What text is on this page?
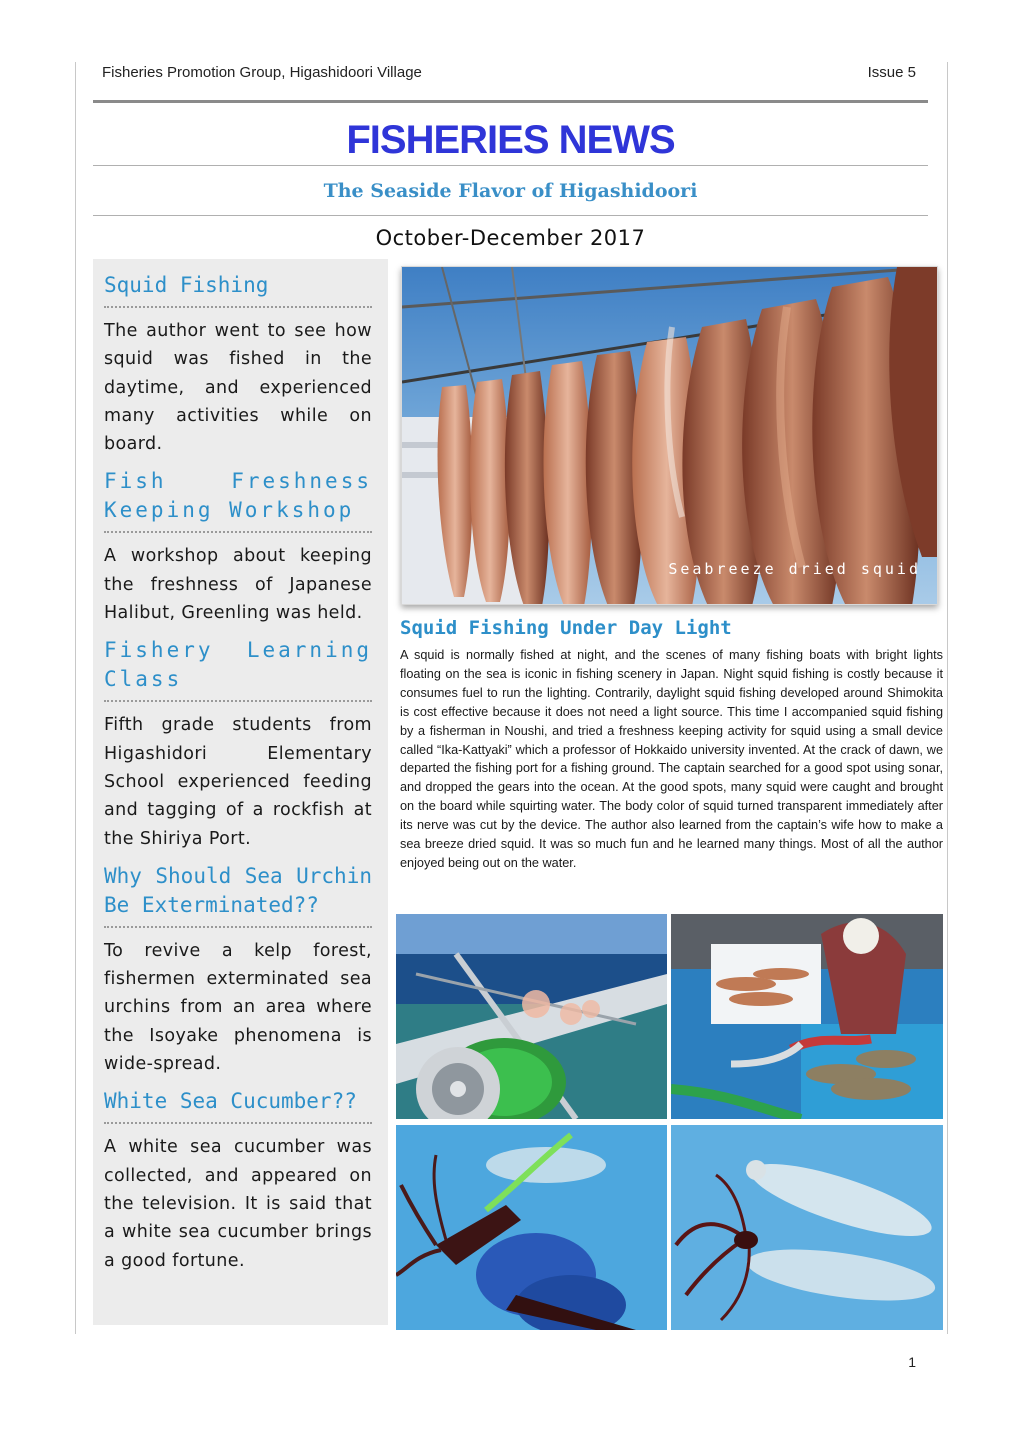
Fisheries Promotion Group, Higashidoori Village	Issue 5
FISHERIES NEWS
The Seaside Flavor of Higashidoori
October-December 2017
Squid Fishing
The author went to see how squid was fished in the daytime, and experienced many activities while on board.
Fish Freshness Keeping Workshop
A workshop about keeping the freshness of Japanese Halibut, Greenling was held.
Fishery Learning Class
Fifth grade students from Higashidori Elementary School experienced feeding and tagging of a rockfish at the Shiriya Port.
Why Should Sea Urchin Be Exterminated??
To revive a kelp forest, fishermen exterminated sea urchins from an area where the Isoyake phenomena is wide-spread.
White Sea Cucumber??
A white sea cucumber was collected, and appeared on the television. It is said that a white sea cucumber brings a good fortune.
Seabreeze dried squid
Squid Fishing Under Day Light
A squid is normally fished at night, and the scenes of many fishing boats with bright lights floating on the sea is iconic in fishing scenery in Japan. Night squid fishing is costly because it consumes fuel to run the lighting. Contrarily, daylight squid fishing developed around Shimokita is cost effective because it does not need a light source. This time I accompanied squid fishing by a fisherman in Noushi, and tried a freshness keeping activity for squid using a small device called “Ika-Kattyaki” which a professor of Hokkaido university invented. At the crack of dawn, we departed the fishing port for a fishing ground. The captain searched for a good spot using sonar, and dropped the gears into the ocean. At the good spots, many squid were caught and brought on the board while squirting water. The body color of squid turned transparent immediately after its nerve was cut by the device. The author also learned from the captain’s wife how to make a sea breeze dried squid. It was so much fun and he learned many things. Most of all the author enjoyed being out on the water.
1
